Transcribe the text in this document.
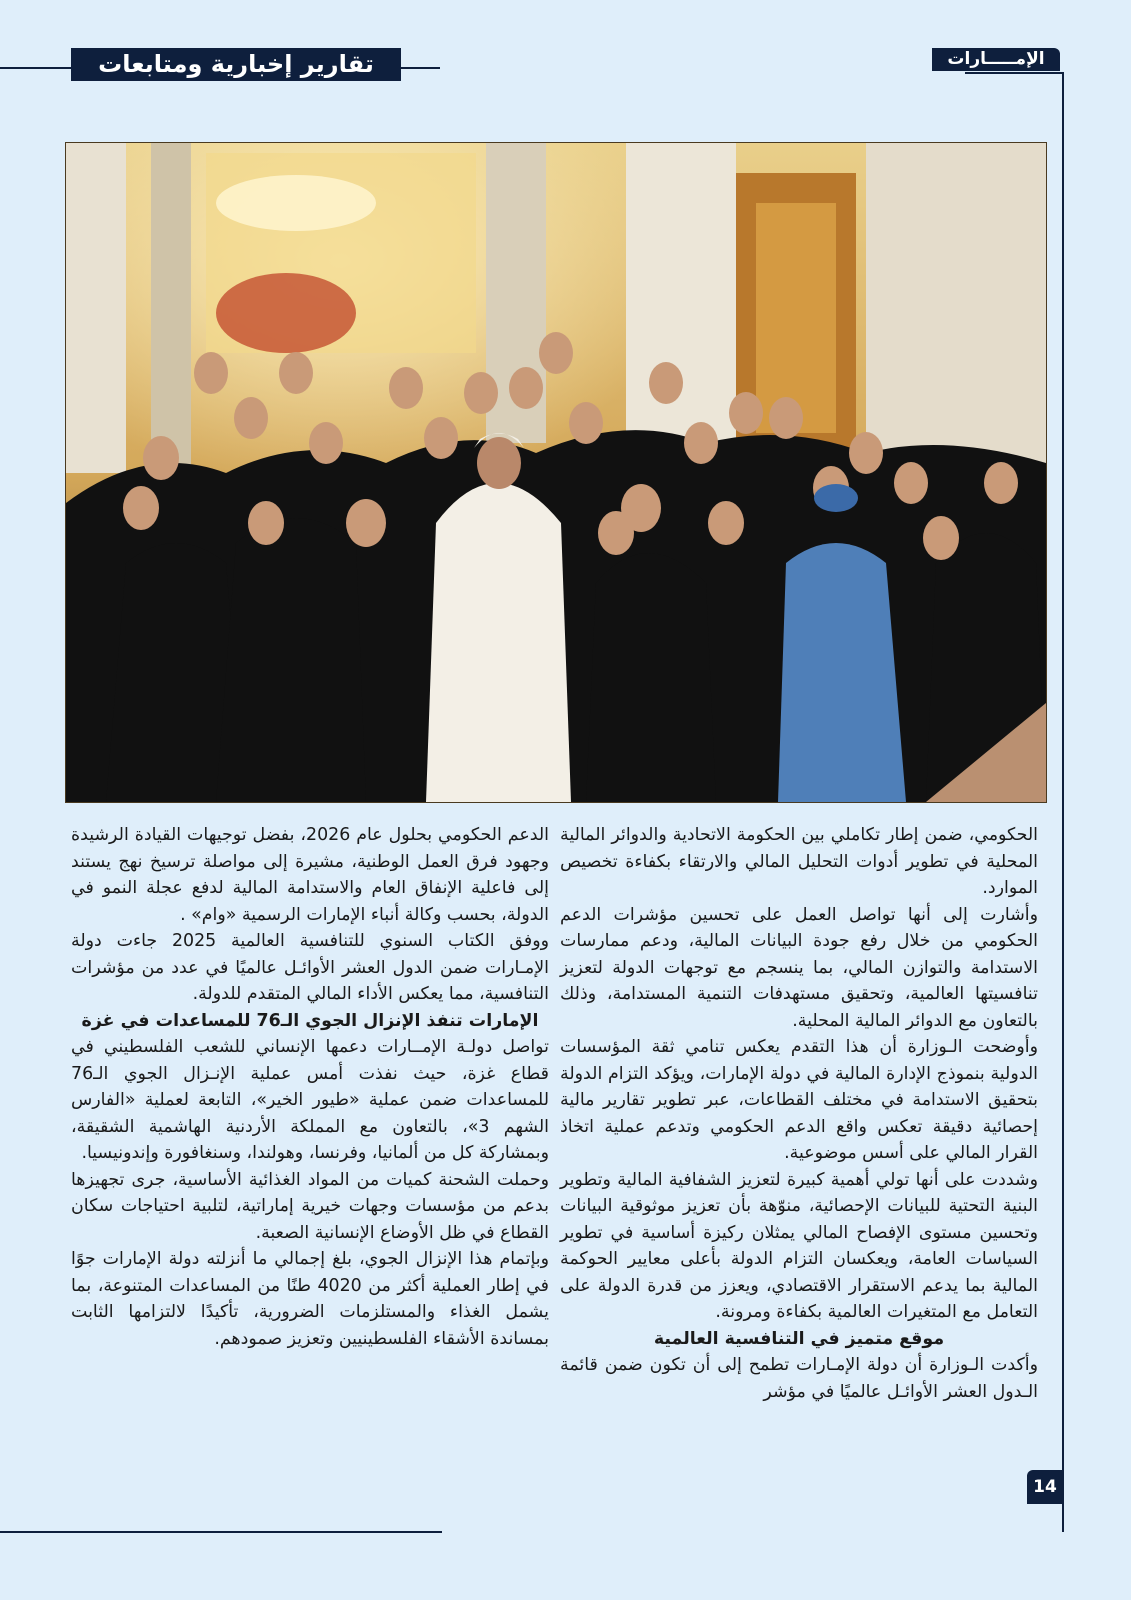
الإمـــــارات
تقارير إخبارية ومتابعات

الحكومي، ضمن إطار تكاملي بين الحكومة الاتحادية والدوائر المالية المحلية في تطوير أدوات التحليل المالي والارتقاء بكفاءة تخصيص الموارد.

وأشارت إلى أنها تواصل العمل على تحسين مؤشرات الدعم الحكومي من خلال رفع جودة البيانات المالية، ودعم ممارسات الاستدامة والتوازن المالي، بما ينسجم مع توجهات الدولة لتعزيز تنافسيتها العالمية، وتحقيق مستهدفات التنمية المستدامة، وذلك بالتعاون مع الدوائر المالية المحلية.

وأوضحت الـوزارة أن هذا التقدم يعكس تنامي ثقة المؤسسات الدولية بنموذج الإدارة المالية في دولة الإمارات، ويؤكد التزام الدولة بتحقيق الاستدامة في مختلف القطاعات، عبر تطوير تقارير مالية إحصائية دقيقة تعكس واقع الدعم الحكومي وتدعم عملية اتخاذ القرار المالي على أسس موضوعية.

وشددت على أنها تولي أهمية كبيرة لتعزيز الشفافية المالية وتطوير البنية التحتية للبيانات الإحصائية، منوّهة بأن تعزيز موثوقية البيانات وتحسين مستوى الإفصاح المالي يمثلان ركيزة أساسية في تطوير السياسات العامة، ويعكسان التزام الدولة بأعلى معايير الحوكمة المالية بما يدعم الاستقرار الاقتصادي، ويعزز من قدرة الدولة على التعامل مع المتغيرات العالمية بكفاءة ومرونة.

موقع متميز في التنافسية العالمية

وأكدت الـوزارة أن دولة الإمـارات تطمح إلى أن تكون ضمن قائمة الـدول العشر الأوائـل عالميًا في مؤشر

الدعم الحكومي بحلول عام 2026، بفضل توجيهات القيادة الرشيدة وجهود فرق العمل الوطنية، مشيرة إلى مواصلة ترسيخ نهج يستند إلى فاعلية الإنفاق العام والاستدامة المالية لدفع عجلة النمو في الدولة، بحسب وكالة أنباء الإمارات الرسمية «وام» .

ووفق الكتاب السنوي للتنافسية العالمية 2025 جاءت دولة الإمـارات ضمن الدول العشر الأوائـل عالميًا في عدد من مؤشرات التنافسية، مما يعكس الأداء المالي المتقدم للدولة.

الإمارات تنفذ الإنزال الجوي الـ76 للمساعدات في غزة

تواصل دولـة الإمــارات دعمها الإنساني للشعب الفلسطيني في قطاع غزة، حيث نفذت أمس عملية الإنـزال الجوي الـ76 للمساعدات ضمن عملية «طيور الخير»، التابعة لعملية «الفارس الشهم 3»، بالتعاون مع المملكة الأردنية الهاشمية الشقيقة، وبمشاركة كل من ألمانيا، وفرنسا، وهولندا، وسنغافورة وإندونيسيا.

وحملت الشحنة كميات من المواد الغذائية الأساسية، جرى تجهيزها بدعم من مؤسسات وجهات خيرية إماراتية، لتلبية احتياجات سكان القطاع في ظل الأوضاع الإنسانية الصعبة.

وبإتمام هذا الإنزال الجوي، بلغ إجمالي ما أنزلته دولة الإمارات جوًا في إطار العملية أكثر من 4020 طنًا من المساعدات المتنوعة، بما يشمل الغذاء والمستلزمات الضرورية، تأكيدًا لالتزامها الثابت بمساندة الأشقاء الفلسطينيين وتعزيز صمودهم.

14
